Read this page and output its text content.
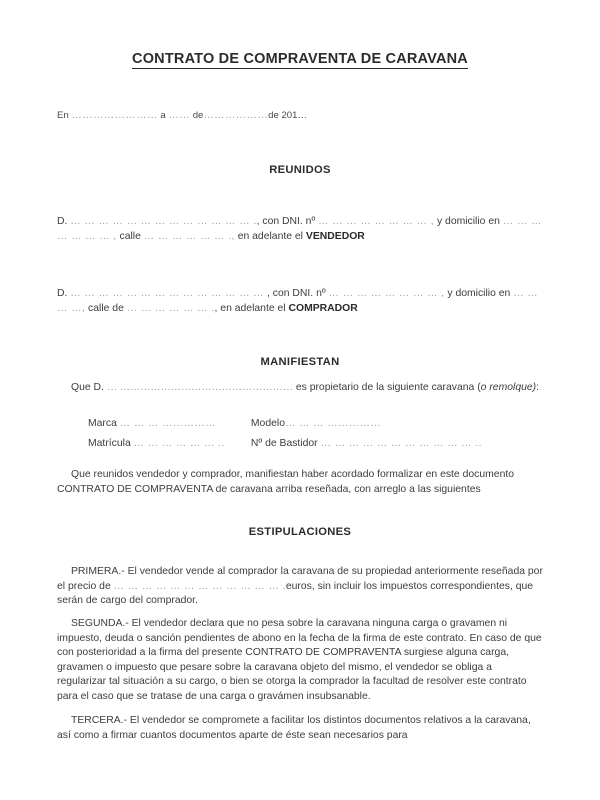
CONTRATO DE COMPRAVENTA DE CARAVANA
En …………………… a …… de………………de 201…
REUNIDOS
D. … … … … … … … … … … … … … ., con DNI. nº … … … … … … … … , y domicilio en … … … … … … … , calle … … … … … … ., en adelante el VENDEDOR
D. … … … … … … … … … … … … … … , con DNI. nº … … … … … … … … , y domicilio en … … … …, calle de … … … … … … ., en adelante el COMPRADOR
MANIFIESTAN
Que D. … …………………………………………… es propietario de la siguiente caravana (o remolque):
Marca … … … ……………	Modelo… … … ……………
Matrícula … … … … … … ..	Nº de Bastidor … … … … … … … … … … … ..
Que reunidos vendedor y comprador, manifiestan haber acordado formalizar en este documento CONTRATO DE COMPRAVENTA de caravana arriba reseñada, con arreglo a las siguientes
ESTIPULACIONES
PRIMERA.- El vendedor vende al comprador la caravana de su propiedad anteriormente reseñada por el precio de … … … … … … … … … … … … .euros, sin incluir los impuestos correspondientes, que serán de cargo del comprador.
SEGUNDA.- El vendedor declara que no pesa sobre la caravana ninguna carga o gravamen ni impuesto, deuda o sanción pendientes de abono en la fecha de la firma de este contrato. En caso de que con posterioridad a la firma del presente CONTRATO DE COMPRAVENTA surgiese alguna carga, gravamen o impuesto que pesare sobre la caravana objeto del mismo, el vendedor se obliga a regularizar tal situación a su cargo, o bien se otorga la comprador la facultad de resolver este contrato para el caso que se tratase de una carga o gravámen insubsanable.
TERCERA.- El vendedor se compromete a facilitar los distintos documentos relativos a la caravana, así como a firmar cuantos documentos aparte de éste sean necesarios para
